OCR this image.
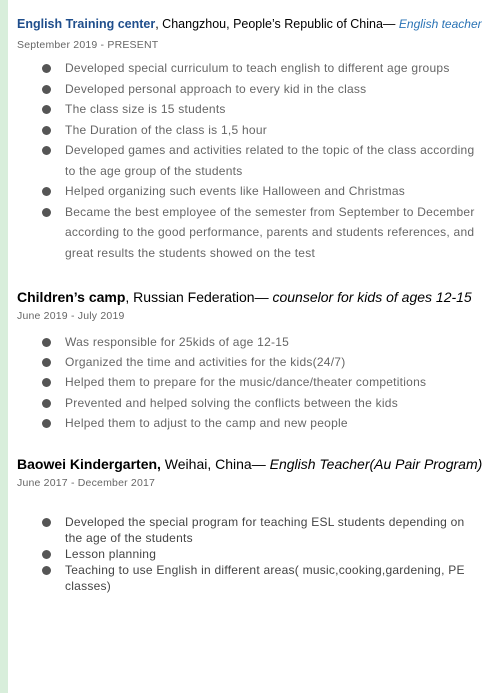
English Training center, Changzhou, People’s Republic of China— English teacher

September 2019 - PRESENT
Developed special curriculum to teach english to different age groups
Developed personal approach to every kid in the class
The class size is 15 students
The Duration of the class is 1,5 hour
Developed games and activities related to the topic of the class according to the age group of the students
Helped organizing such events like Halloween and Christmas
Became the best employee of the semester from September to December according to the good performance, parents and students references, and great results the students showed on the test

Children’s camp, Russian Federation— counselor for kids of ages 12-15

June 2019 - July 2019
Was responsible for 25kids of age 12-15
Organized the time and activities for the kids(24/7)
Helped them to prepare for the music/dance/theater competitions
Prevented and helped solving the conflicts between the kids
Helped them to adjust to the camp and new people

Baowei Kindergarten, Weihai, China— English Teacher(Au Pair Program)

June 2017 - December 2017
Developed the special program for teaching ESL students depending on the age of the students
Lesson planning
Teaching to use English in different areas( music,cooking,gardening, PE classes)
